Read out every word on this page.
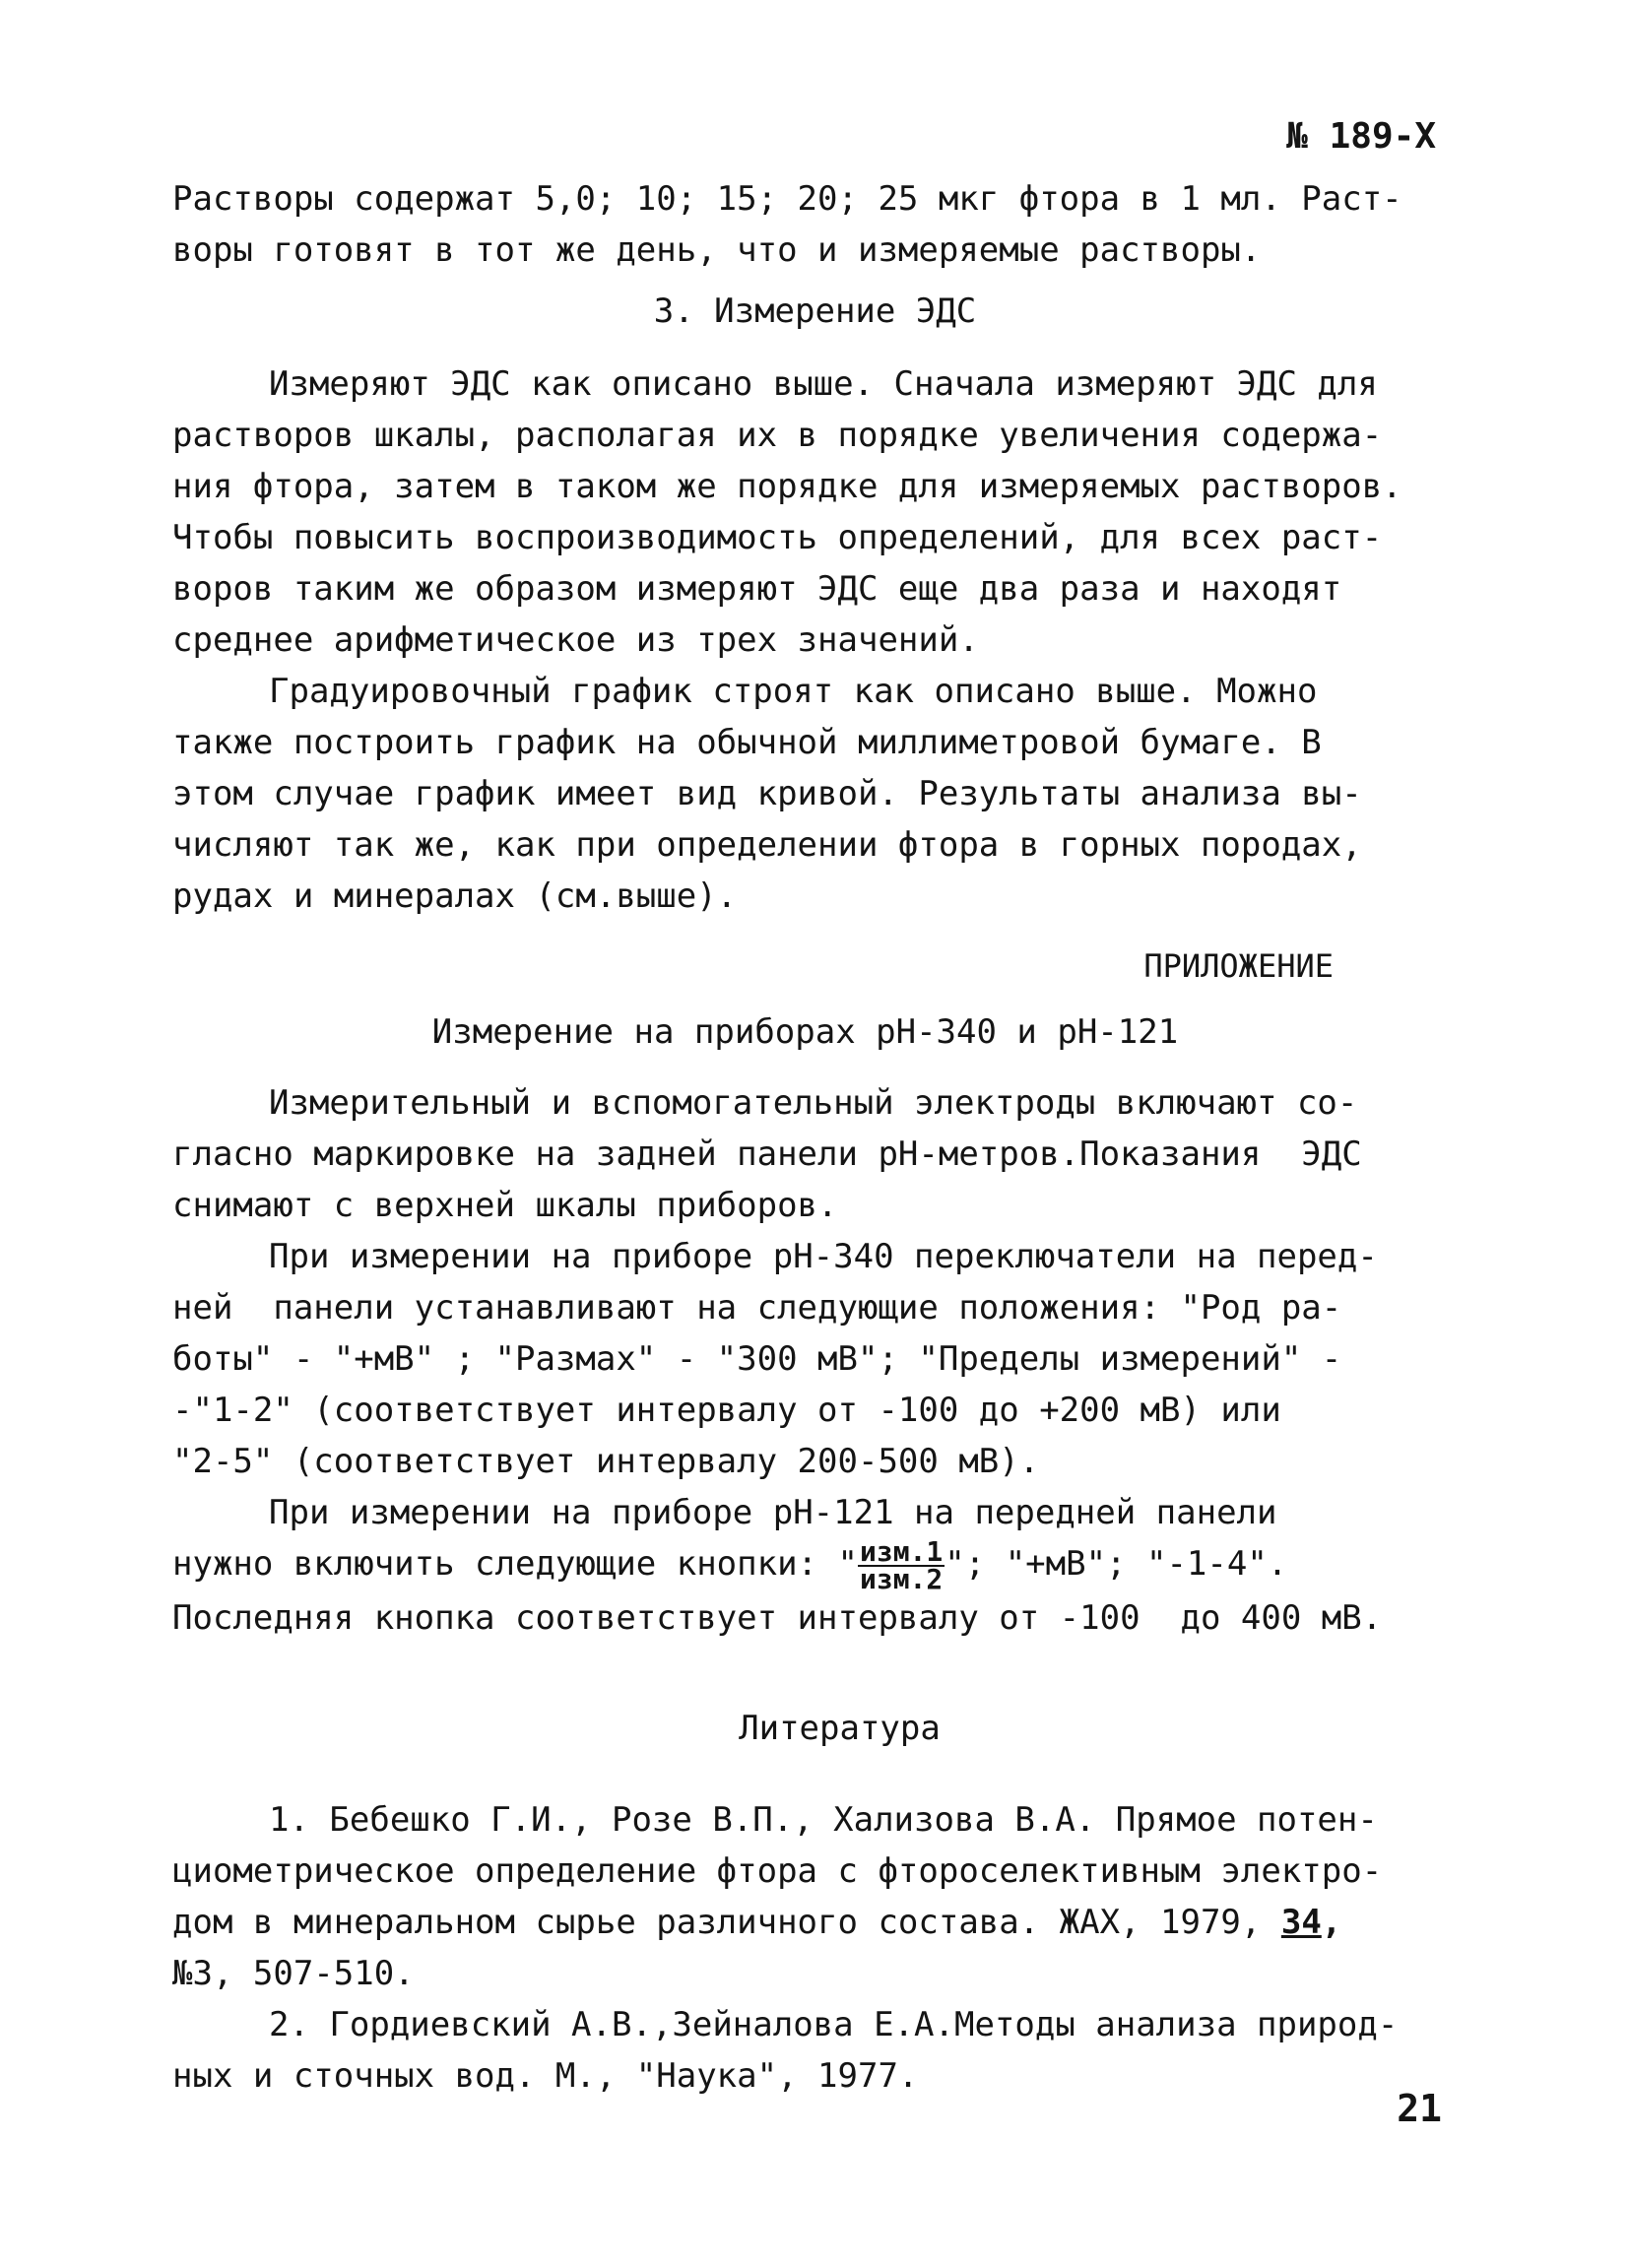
№ 189-Х
Растворы содержат 5,0; 10; 15; 20; 25 мкг фтора в 1 мл. Раст-
воры готовят в тот же день, что и измеряемые растворы.
3. Измерение ЭДС
Измеряют ЭДС как описано выше. Сначала измеряют ЭДС для
растворов шкалы, располагая их в порядке увеличения содержа-
ния фтора, затем в таком же порядке для измеряемых растворов.
Чтобы повысить воспроизводимость определений, для всех раст-
воров таким же образом измеряют ЭДС еще два раза и находят
среднее арифметическое из трех значений.
Градуировочный график строят как описано выше. Можно
также построить график на обычной миллиметровой бумаге. В
этом случае график имеет вид кривой. Результаты анализа вы-
числяют так же, как при определении фтора в горных породах,
рудах и минералах (см.выше).
ПРИЛОЖЕНИЕ
Измерение на приборах рН-340 и рН-121
Измерительный и вспомогательный электроды включают со-
гласно маркировке на задней панели рН-метров.Показания  ЭДС
снимают с верхней шкалы приборов.
При измерении на приборе рН-340 переключатели на перед-
ней  панели устанавливают на следующие положения: "Род ра-
боты" - "+мВ" ; "Размах" - "300 мВ"; "Пределы измерений" -
-"1-2" (соответствует интервалу от -100 до +200 мВ) или
"2-5" (соответствует интервалу 200-500 мВ).
При измерении на приборе рН-121 на передней панели
нужно включить следующие кнопки: " $\frac{\text{изм.1}}{\text{изм.2}}$ "; "+мВ"; "-1-4".
Последняя кнопка соответствует интервалу от -100  до 400 мВ.
Литература
1. Бебешко Г.И., Розе В.П., Хализова В.А. Прямое потен-
циометрическое определение фтора с фтороселективным электро-
дом в минеральном сырье различного состава. ЖАХ, 1979, 34,
№3, 507-510.
2. Гордиевский А.В.,Зейналова Е.А.Методы анализа природ-
ных и сточных вод. М., "Наука", 1977.
21
